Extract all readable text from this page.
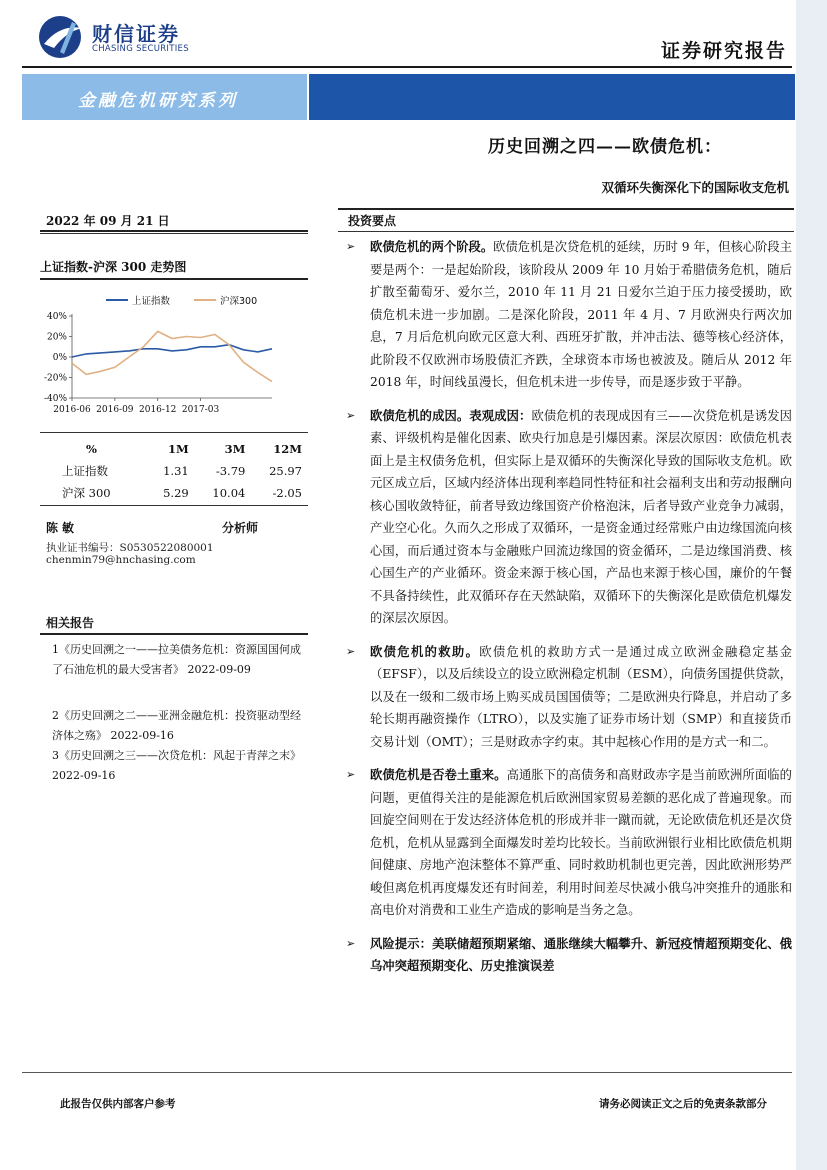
财信证券
CHASING SECURITIES	证券研究报告
金融危机研究系列
历史回溯之四——欧债危机：
双循环失衡深化下的国际收支危机
2022 年 09 月 21 日
上证指数-沪深 300 走势图
40%
20%
0%
-20%
-40%
2016-06 2016-09 2016-12 2017-03
上证指数	沪深300
%	1M	3M	12M
上证指数	1.31	-3.79	25.97
沪深 300	5.29	10.04	-2.05
陈敏	分析师
执业证书编号：S0530522080001
chenmin79@hnchasing.com
相关报告
1《历史回溯之一——拉美债务危机：资源国国何成了石油危机的最大受害者》 2022-09-09
2《历史回溯之二——亚洲金融危机：投资驱动型经济体之殇》 2022-09-16
3《历史回溯之三——次贷危机：风起于青萍之末》 2022-09-16
投资要点
➢ 欧债危机的两个阶段。欧债危机是次贷危机的延续，历时 9 年，但核心阶段主要是两个：一是起始阶段，该阶段从 2009 年 10 月始于希腊债务危机，随后扩散至葡萄牙、爱尔兰，2010 年 11 月 21 日爱尔兰迫于压力接受援助，欧债危机未进一步加剧。二是深化阶段，2011 年 4 月、7 月欧洲央行两次加息，7 月后危机向欧元区意大利、西班牙扩散，并冲击法、德等核心经济体，此阶段不仅欧洲市场股债汇齐跌，全球资本市场也被波及。随后从 2012 年 2018 年，时间线虽漫长，但危机未进一步传导，而是逐步致于平静。
➢ 欧债危机的成因。表观成因：欧债危机的表现成因有三——次贷危机是诱发因素、评级机构是催化因素、欧央行加息是引爆因素。深层次原因：欧债危机表面上是主权债务危机，但实际上是双循环的失衡深化导致的国际收支危机。欧元区成立后，区域内经济体出现利率趋同性特征和社会福利支出和劳动报酬向核心国收敛特征，前者导致边缘国资产价格泡沫，后者导致产业竞争力减弱，产业空心化。久而久之形成了双循环，一是资金通过经常账户由边缘国流向核心国，而后通过资本与金融账户回流边缘国的资金循环，二是边缘国消费、核心国生产的产业循环。资金来源于核心国，产品也来源于核心国，廉价的午餐不具备持续性，此双循环存在天然缺陷，双循环下的失衡深化是欧债危机爆发的深层次原因。
➢ 欧债危机的救助。欧债危机的救助方式一是通过成立欧洲金融稳定基金（EFSF），以及后续设立的设立欧洲稳定机制（ESM），向债务国提供贷款，以及在一级和二级市场上购买成员国国债等；二是欧洲央行降息，并启动了多轮长期再融资操作（LTRO），以及实施了证券市场计划（SMP）和直接货币交易计划（OMT）；三是财政赤字约束。其中起核心作用的是方式一和二。
➢ 欧债危机是否卷土重来。高通胀下的高债务和高财政赤字是当前欧洲所面临的问题，更值得关注的是能源危机后欧洲国家贸易差额的恶化成了普遍现象。而回旋空间则在于发达经济体危机的形成并非一蹴而就，无论欧债危机还是次贷危机，危机从显露到全面爆发时差均比较长。当前欧洲银行业相比欧债危机期间健康、房地产泡沫整体不算严重、同时救助机制也更完善，因此欧洲形势严峻但离危机再度爆发还有时间差，利用时间差尽快减小俄乌冲突推升的通胀和高电价对消费和工业生产造成的影响是当务之急。
➢ 风险提示：美联储超预期紧缩、通胀继续大幅攀升、新冠疫情超预期变化、俄乌冲突超预期变化、历史推演误差
此报告仅供内部客户参考	请务必阅读正文之后的免责条款部分
